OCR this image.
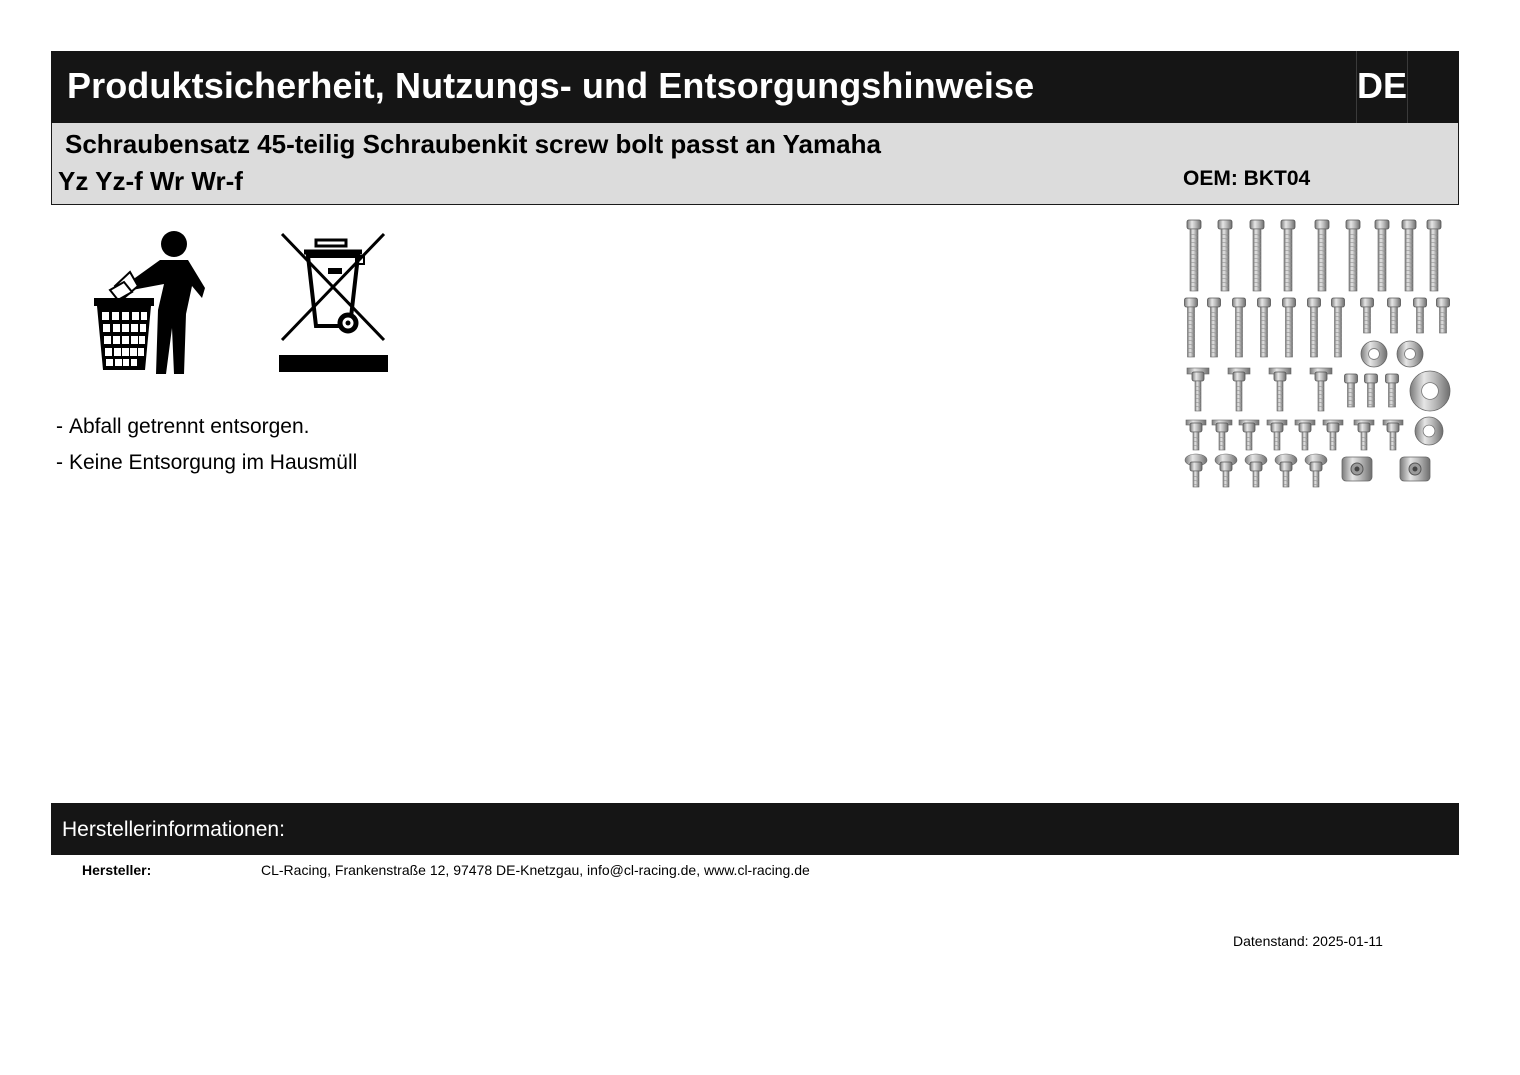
Produktsicherheit, Nutzungs- und Entsorgungshinweise	DE
Schraubensatz 45-teilig Schraubenkit screw bolt passt an Yamaha
Yz Yz-f Wr Wr-f	OEM: BKT04
- Abfall getrennt entsorgen.
- Keine Entsorgung im Hausmüll
Herstellerinformationen:
Hersteller:	CL-Racing, Frankenstraße 12, 97478 DE-Knetzgau, info@cl-racing.de, www.cl-racing.de
Datenstand: 2025-01-11
